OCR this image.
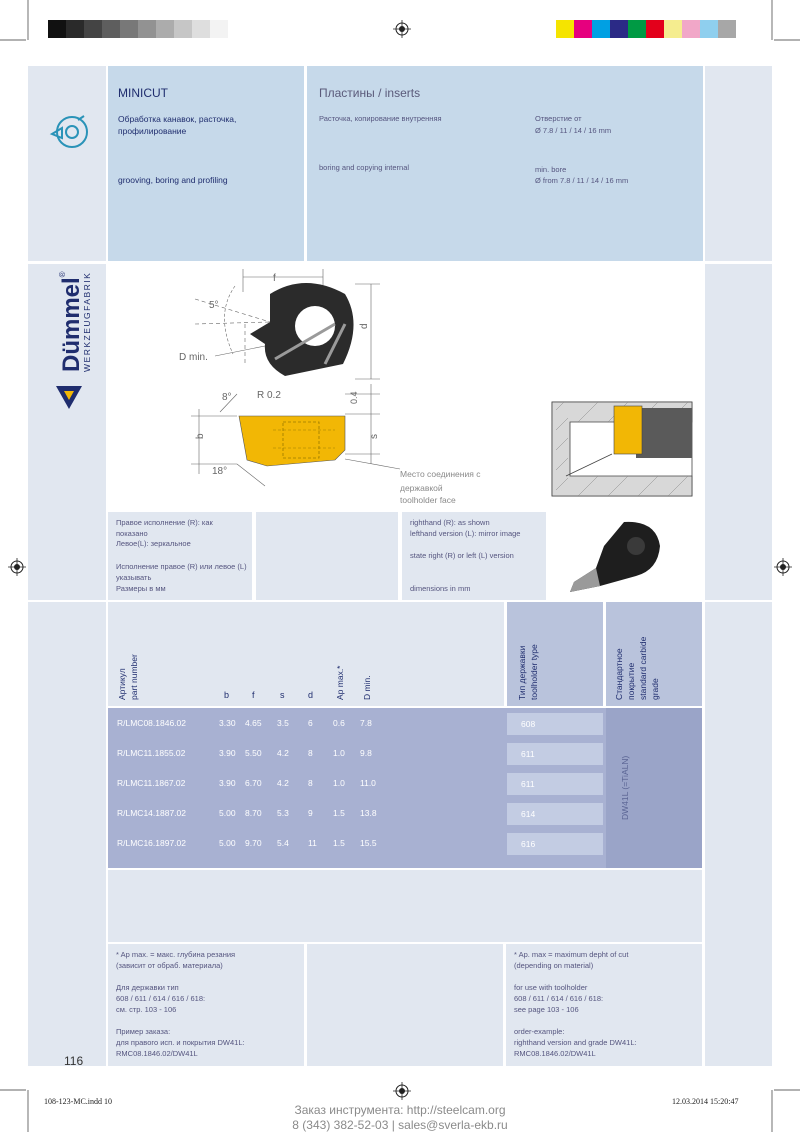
MINICUT
Обработка канавок, расточка, профилирование
grooving, boring and profiling
Пластины / inserts
Расточка, копирование внутренняя
boring and copying internal
Отверстие от
Ø 7.8 / 11 / 14 / 16 mm
min. bore
Ø from 7.8 / 11 / 14 / 16 mm
Dümmel®	WERKZEUGFABRIK	f
5°
d
D min.
8°	R 0.2	0.4
b	s
18°	Место соединения с державкой
toolholder face
Правое исполнение (R): как показано
Левое(L): зеркальное
Исполнение правое (R) или левое (L) указывать
Размеры в мм
righthand (R): as shown
lefthand version (L): mirror image
state right (R) or left (L) version
dimensions in mm
116
Артикул part number	b	f	s	d	Ap max.* D min.	Тип державки toolholder type	Стандартное покрытие standard carbide grade
DW41L (=TiALN)
R/LMC08.1846.02	3.30 4.65 3.5 6 0.6 7.8	608
R/LMC11.1855.02	3.90 5.50 4.2 8 1.0 9.8	611
R/LMC11.1867.02	3.90 6.70 4.2 8 1.0 11.0	611
R/LMC14.1887.02	5.00 8.70 5.3 9 1.5 13.8	614
R/LMC16.1897.02	5.00 9.70 5.4 11 1.5 15.5	616
* Ap max. = макс. глубина резания
(зависит от обраб. материала)
Для державки тип
608 / 611 / 614 / 616 / 618:
см. стр. 103 - 106
Пример заказа:
для правого исп. и покрытия DW41L:
RMC08.1846.02/DW41L
* Ap. max = maximum depht of cut
(depending on material)
for use with toolholder
608 / 611 / 614 / 616 / 618:
see page 103 - 106
order-example:
righthand version and grade DW41L:
RMC08.1846.02/DW41L
108-123-MC.indd 10	12.03.2014 15:20:47
Заказ инструмента: http://steelcam.org
8 (343) 382-52-03 | sales@sverla-ekb.ru
